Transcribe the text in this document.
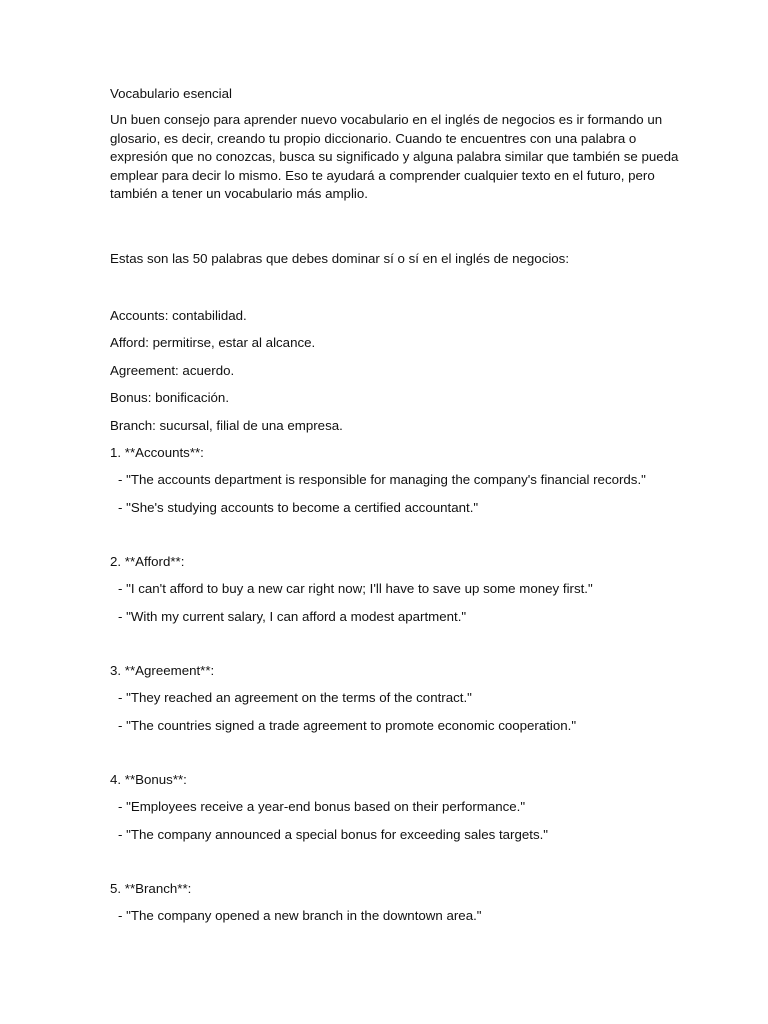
Vocabulario esencial

Un buen consejo para aprender nuevo vocabulario en el inglés de negocios es ir formando un

glosario, es decir, creando tu propio diccionario. Cuando te encuentres con una palabra o

expresión que no conozcas, busca su significado y alguna palabra similar que también se pueda

emplear para decir lo mismo. Eso te ayudará a comprender cualquier texto en el futuro, pero

también a tener un vocabulario más amplio.

Estas son las 50 palabras que debes dominar sí o sí en el inglés de negocios:

Accounts: contabilidad.

Afford: permitirse, estar al alcance.

Agreement: acuerdo.

Bonus: bonificación.

Branch: sucursal, filial de una empresa.

1. **Accounts**:

- "The accounts department is responsible for managing the company's financial records."

- "She's studying accounts to become a certified accountant."

2. **Afford**:

- "I can't afford to buy a new car right now; I'll have to save up some money first."

- "With my current salary, I can afford a modest apartment."

3. **Agreement**:

- "They reached an agreement on the terms of the contract."

- "The countries signed a trade agreement to promote economic cooperation."

4. **Bonus**:

- "Employees receive a year-end bonus based on their performance."

- "The company announced a special bonus for exceeding sales targets."

5. **Branch**:

- "The company opened a new branch in the downtown area."
